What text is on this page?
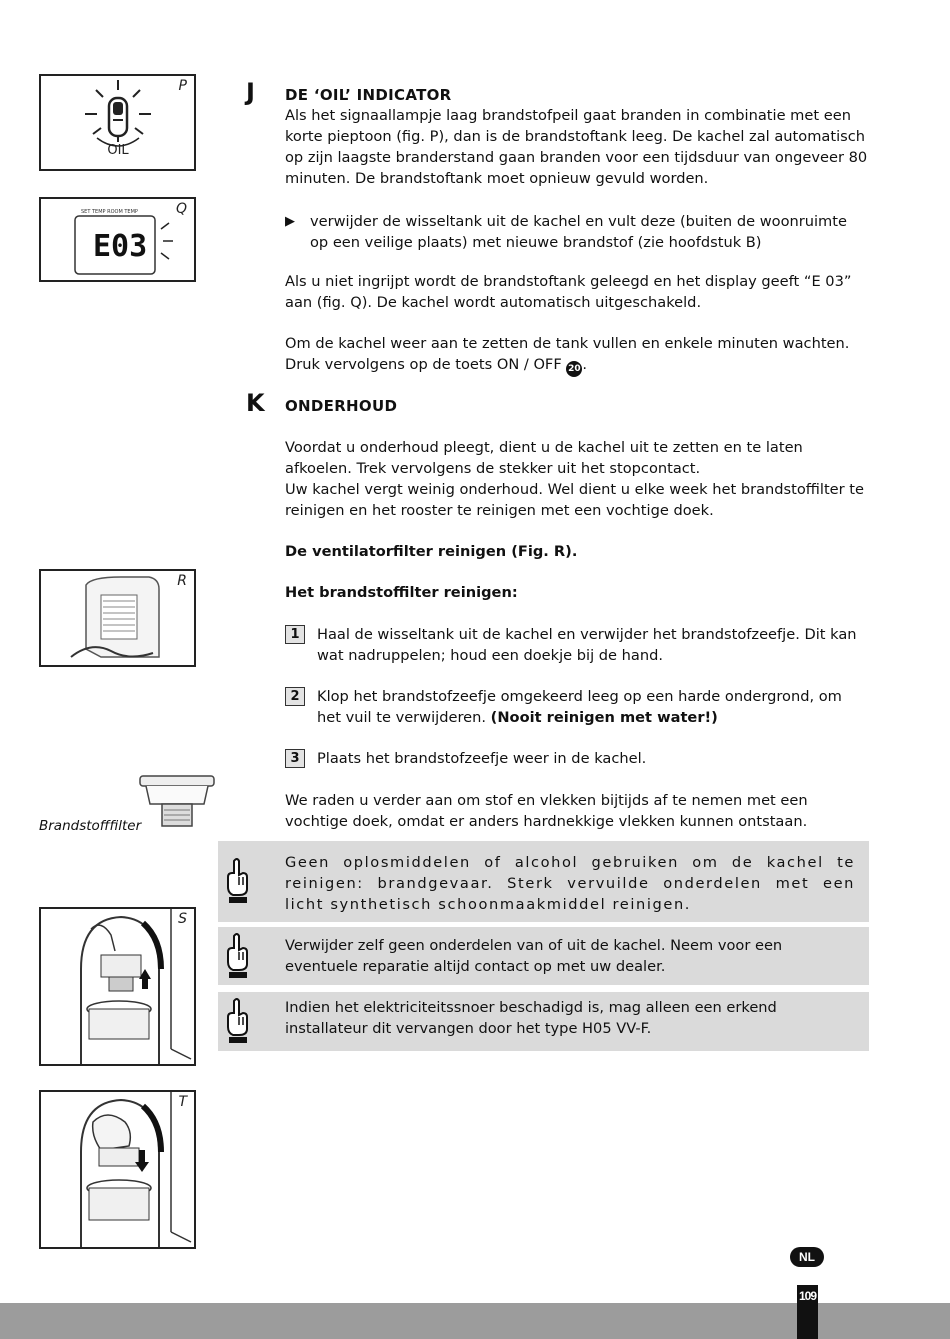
P
OIL
Q
SET TEMP ROOM TEMP
E03
R
Brandstofffilter
S
T
J DE ‘OIL’ INDICATOR
Als het signaallampje laag brandstofpeil gaat branden in combinatie met een korte pieptoon (fig. P), dan is de brandstoftank leeg. De kachel zal automatisch op zijn laagste branderstand gaan branden voor een tijdsduur van ongeveer 80 minuten. De brandstoftank moet opnieuw gevuld worden.
▶ verwijder de wisseltank uit de kachel en vult deze (buiten de woonruimte op een veilige plaats) met nieuwe brandstof (zie hoofdstuk B)
Als u niet ingrijpt wordt de brandstoftank geleegd en het display geeft “E 03” aan (fig. Q). De kachel wordt automatisch uitgeschakeld.
Om de kachel weer aan te zetten de tank vullen en enkele minuten wachten. Druk vervolgens op de toets ON / OFF 20 .
K ONDERHOUD
Voordat u onderhoud pleegt, dient u de kachel uit te zetten en te laten afkoelen. Trek vervolgens de stekker uit het stopcontact.
Uw kachel vergt weinig onderhoud. Wel dient u elke week het brandstoffilter te reinigen en het rooster te reinigen met een vochtige doek.
De ventilatorfilter reinigen (Fig. R).
Het brandstoffilter reinigen:
1	Haal de wisseltank uit de kachel en verwijder het brandstofzeefje. Dit kan wat nadruppelen; houd een doekje bij de hand.
2	Klop het brandstofzeefje omgekeerd leeg op een harde ondergrond, om het vuil te verwijderen. (Nooit reinigen met water!)
3	Plaats het brandstofzeefje weer in de kachel.
We raden u verder aan om stof en vlekken bijtijds af te nemen met een vochtige doek, omdat er anders hardnekkige vlekken kunnen ontstaan.
Geen oplosmiddelen of alcohol gebruiken om de kachel te reinigen: brandgevaar. Sterk vervuilde onderdelen met een licht synthetisch schoonmaakmiddel reinigen.
Verwijder zelf geen onderdelen van of uit de kachel. Neem voor een eventuele reparatie altijd contact op met uw dealer.
Indien het elektriciteitssnoer beschadigd is, mag alleen een erkend installateur dit vervangen door het type H05 VV-F.
NL
109
